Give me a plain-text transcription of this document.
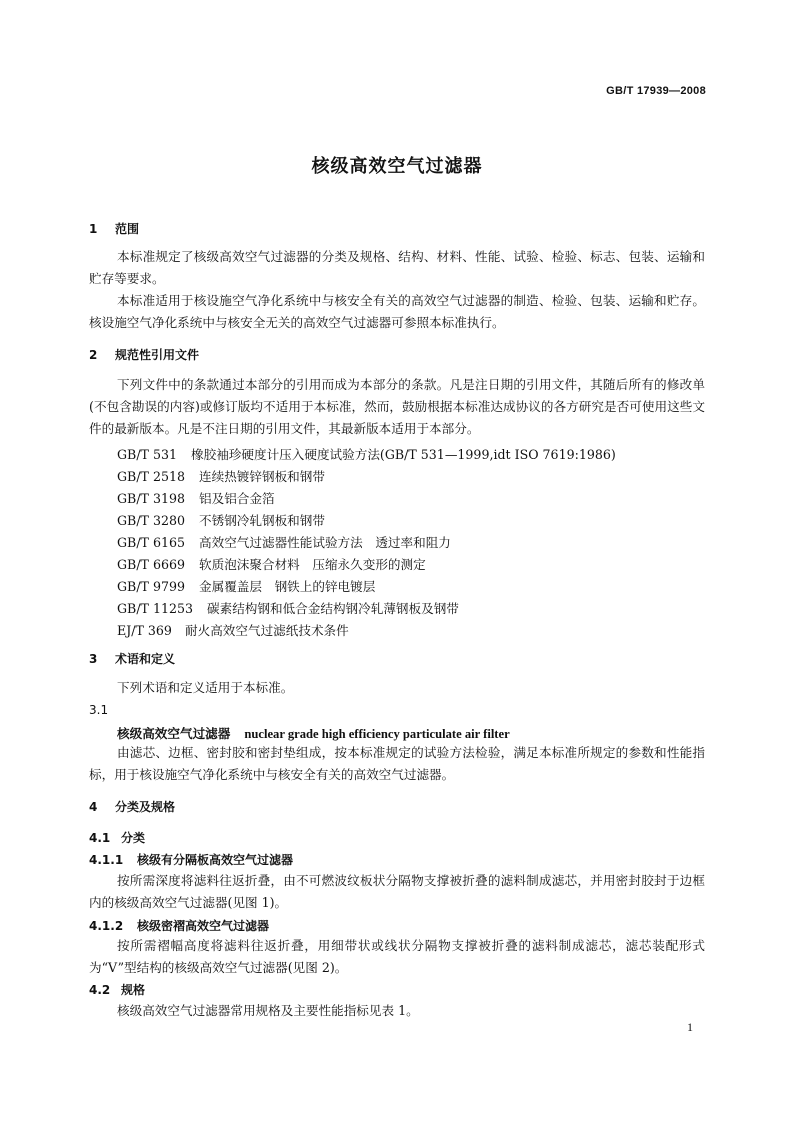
GB/T 17939—2008
核级高效空气过滤器
1 范围
本标准规定了核级高效空气过滤器的分类及规格、结构、材料、性能、试验、检验、标志、包装、运输和贮存等要求。
本标准适用于核设施空气净化系统中与核安全有关的高效空气过滤器的制造、检验、包装、运输和贮存。核设施空气净化系统中与核安全无关的高效空气过滤器可参照本标准执行。
2 规范性引用文件
下列文件中的条款通过本部分的引用而成为本部分的条款。凡是注日期的引用文件，其随后所有的修改单(不包含勘误的内容)或修订版均不适用于本标准，然而，鼓励根据本标准达成协议的各方研究是否可使用这些文件的最新版本。凡是不注日期的引用文件，其最新版本适用于本部分。
GB/T 531 橡胶袖珍硬度计压入硬度试验方法(GB/T 531—1999,idt ISO 7619:1986)
GB/T 2518 连续热镀锌钢板和钢带
GB/T 3198 铝及铝合金箔
GB/T 3280 不锈钢冷轧钢板和钢带
GB/T 6165 高效空气过滤器性能试验方法　透过率和阻力
GB/T 6669 软质泡沫聚合材料　压缩永久变形的测定
GB/T 9799 金属覆盖层　钢铁上的锌电镀层
GB/T 11253 碳素结构钢和低合金结构钢冷轧薄钢板及钢带
EJ/T 369 耐火高效空气过滤纸技术条件
3 术语和定义
下列术语和定义适用于本标准。
3.1
核级高效空气过滤器 nuclear grade high efficiency particulate air filter
由滤芯、边框、密封胶和密封垫组成，按本标准规定的试验方法检验，满足本标准所规定的参数和性能指标，用于核设施空气净化系统中与核安全有关的高效空气过滤器。
4 分类及规格
4.1 分类
4.1.1 核级有分隔板高效空气过滤器
按所需深度将滤料往返折叠，由不可燃波纹板状分隔物支撑被折叠的滤料制成滤芯，并用密封胶封于边框内的核级高效空气过滤器(见图 1)。
4.1.2 核级密褶高效空气过滤器
按所需褶幅高度将滤料往返折叠，用细带状或线状分隔物支撑被折叠的滤料制成滤芯，滤芯装配形式为“V”型结构的核级高效空气过滤器(见图 2)。
4.2 规格
核级高效空气过滤器常用规格及主要性能指标见表 1。
1
